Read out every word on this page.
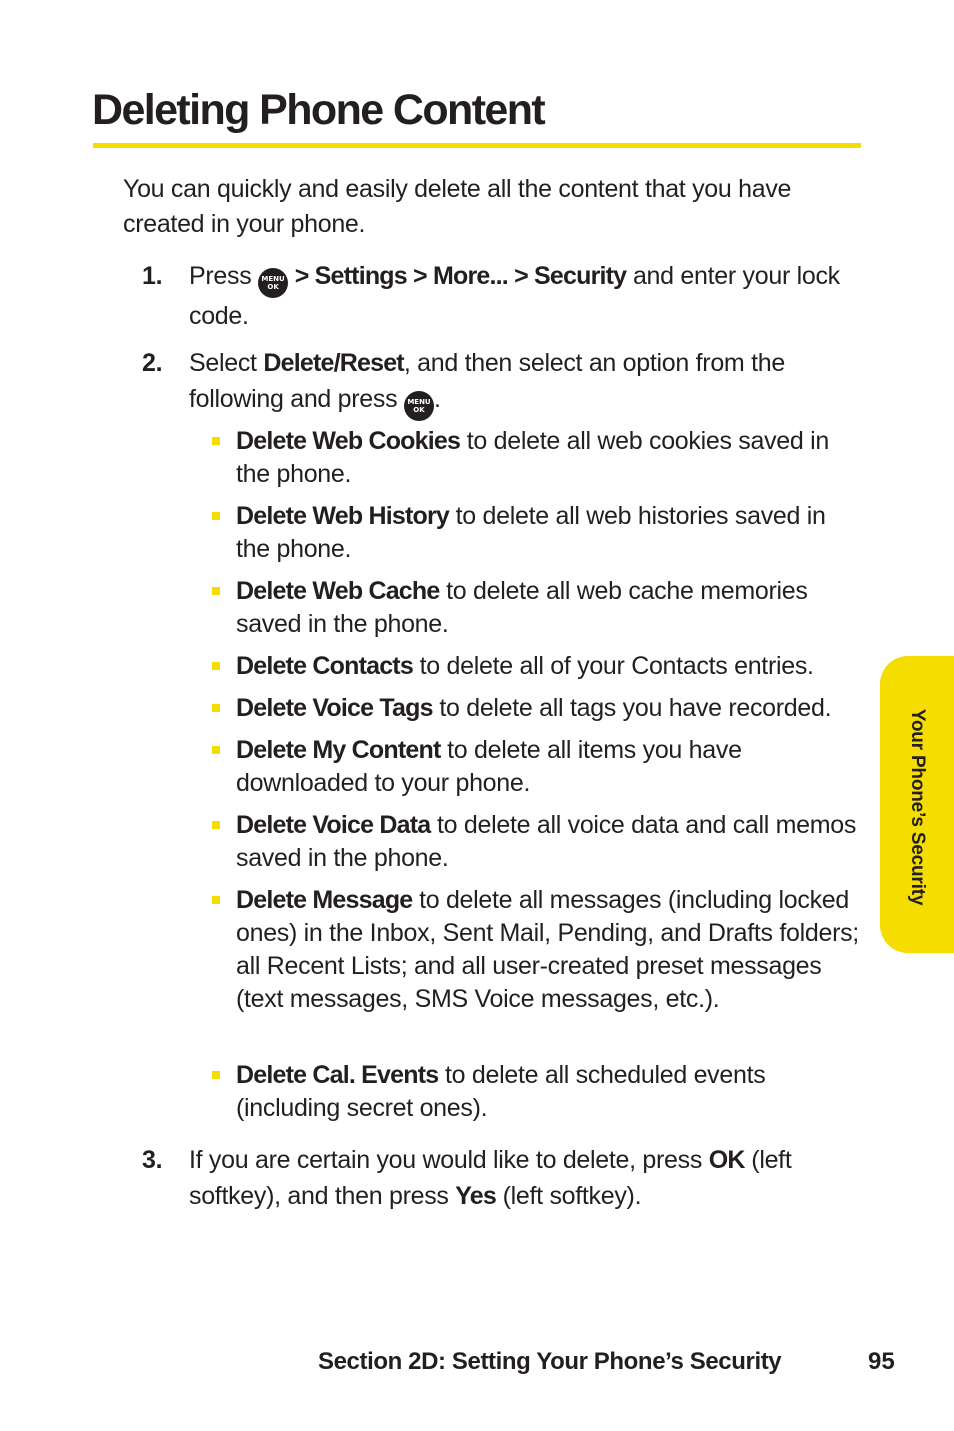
Deleting Phone Content

You can quickly and easily delete all the content that you have created in your phone.

1. Press MENU
OK > Settings > More... > Security and enter your lock code.

2. Select Delete/Reset, and then select an option from the following and press MENU
OK .

Delete Web Cookies to delete all web cookies saved in the phone.

Delete Web History to delete all web histories saved in the phone.

Delete Web Cache to delete all web cache memories saved in the phone.

Delete Contacts to delete all of your Contacts entries.

Delete Voice Tags to delete all tags you have recorded.

Delete My Content to delete all items you have downloaded to your phone.

Delete Voice Data to delete all voice data and call memos saved in the phone.

Delete Message to delete all messages (including locked ones) in the Inbox, Sent Mail, Pending, and Drafts folders; all Recent Lists; and all user-created preset messages (text messages, SMS Voice messages, etc.).

Delete Cal. Events to delete all scheduled events (including secret ones).

3. If you are certain you would like to delete, press OK (left softkey), and then press Yes (left softkey).

Your Phone’s Security
Section 2D: Setting Your Phone’s Security	95
